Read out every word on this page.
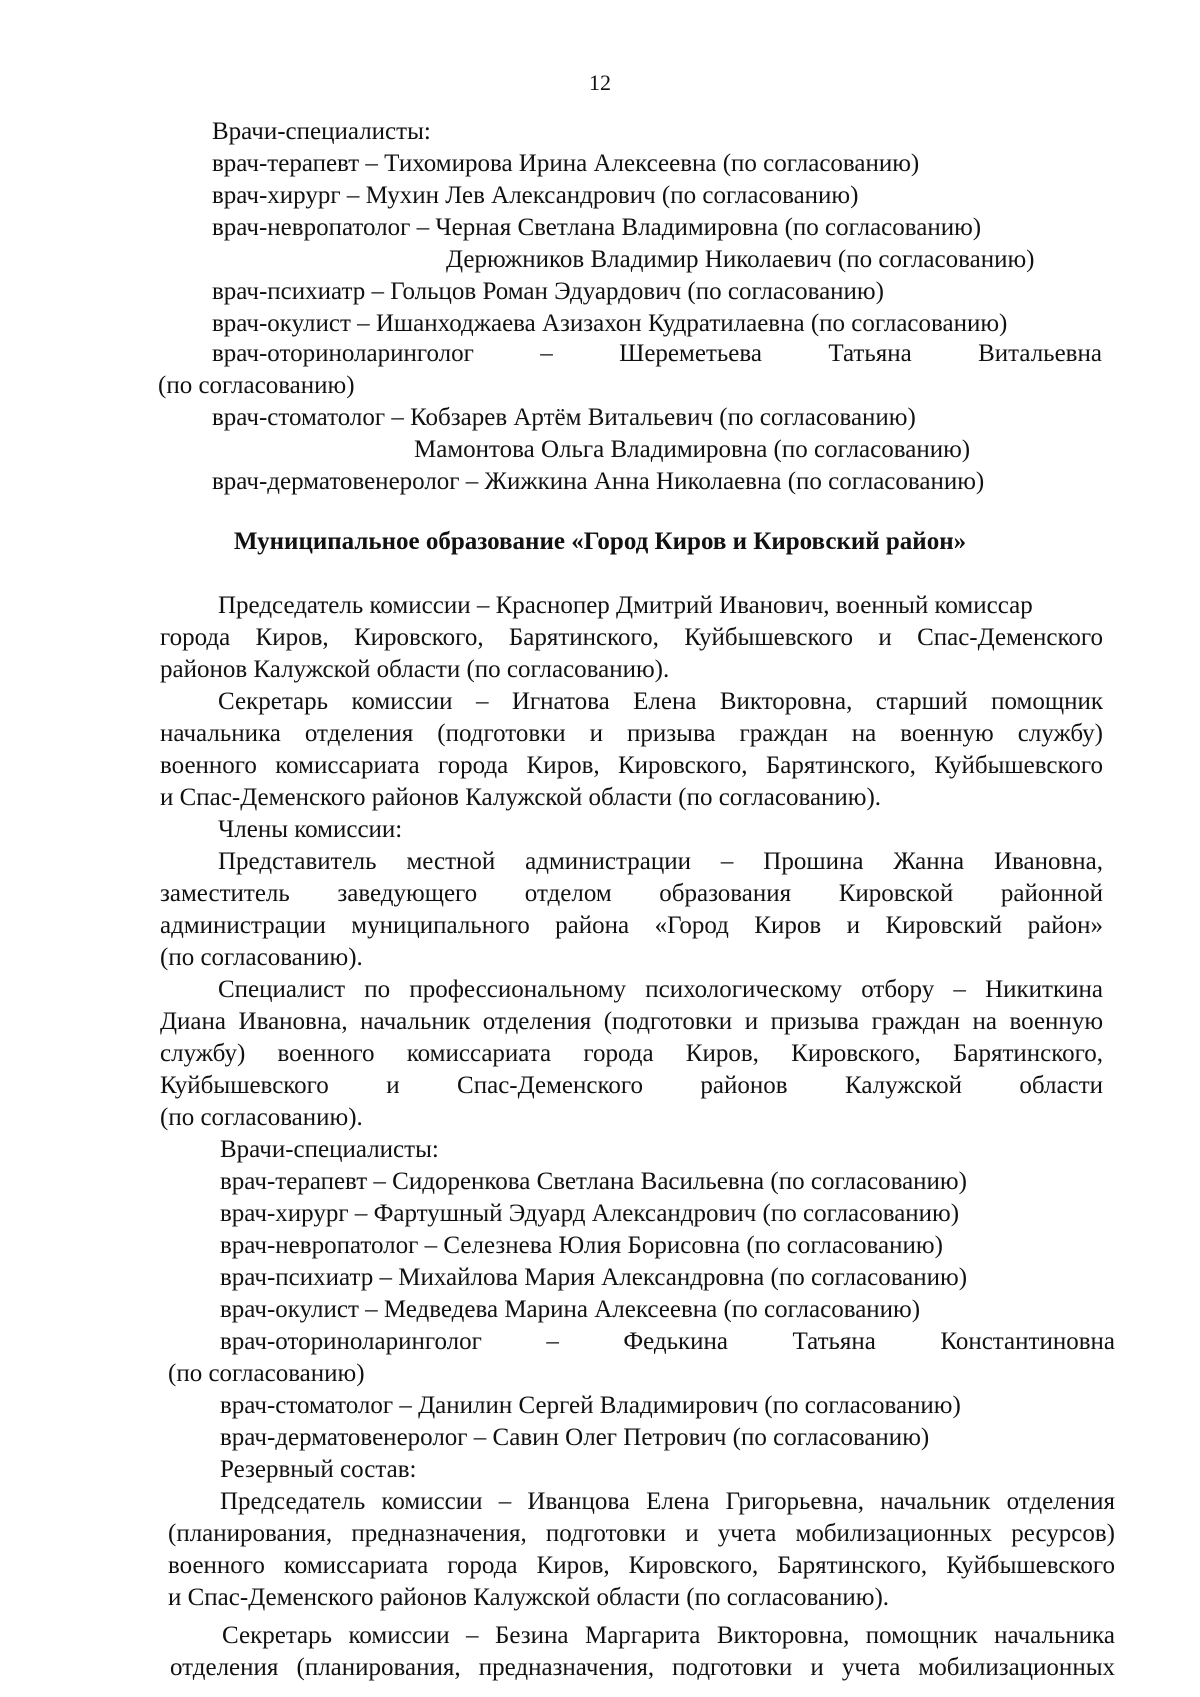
12
Врачи-специалисты:
врач-терапевт – Тихомирова Ирина Алексеевна (по согласованию)
врач-хирург – Мухин Лев Александрович (по согласованию)
врач-невропатолог – Черная Светлана Владимировна (по согласованию)
Дерюжников Владимир Николаевич (по согласованию)
врач-психиатр – Гольцов Роман Эдуардович (по согласованию)
врач-окулист – Ишанходжаева Азизахон Кудратилаевна (по согласованию)
врач-оториноларинголог	–	Шереметьева	Татьяна	Витальевна
(по согласованию)
врач-стоматолог – Кобзарев Артём Витальевич (по согласованию)
Мамонтова Ольга Владимировна (по согласованию)
врач-дерматовенеролог – Жижкина Анна Николаевна (по согласованию)
Муниципальное образование «Город Киров и Кировский район»
Председатель комиссии – Краснопер Дмитрий Иванович, военный комиссар
города Киров, Кировского, Барятинского, Куйбышевского и Спас-Деменского
районов Калужской области (по согласованию).
Секретарь комиссии – Игнатова Елена Викторовна, старший помощник
начальника отделения (подготовки и призыва граждан на военную службу)
военного комиссариата города Киров, Кировского, Барятинского, Куйбышевского
и Спас-Деменского районов Калужской области (по согласованию).
Члены комиссии:
Представитель местной администрации – Прошина Жанна Ивановна,
заместитель заведующего отделом образования Кировской районной
администрации муниципального района «Город Киров и Кировский район»
(по согласованию).
Специалист по профессиональному психологическому отбору – Никиткина
Диана Ивановна, начальник отделения (подготовки и призыва граждан на военную
службу) военного комиссариата города Киров, Кировского, Барятинского,
Куйбышевского и Спас-Деменского районов Калужской области
(по согласованию).
Врачи-специалисты:
врач-терапевт – Сидоренкова Светлана Васильевна (по согласованию)
врач-хирург – Фартушный Эдуард Александрович (по согласованию)
врач-невропатолог – Селезнева Юлия Борисовна (по согласованию)
врач-психиатр – Михайлова Мария Александровна (по согласованию)
врач-окулист – Медведева Марина Алексеевна (по согласованию)
врач-оториноларинголог	–	Федькина	Татьяна	Константиновна
(по согласованию)
врач-стоматолог – Данилин Сергей Владимирович (по согласованию)
врач-дерматовенеролог – Савин Олег Петрович (по согласованию)
Резервный состав:
Председатель комиссии – Иванцова Елена Григорьевна, начальник отделения
(планирования, предназначения, подготовки и учета мобилизационных ресурсов)
военного комиссариата города Киров, Кировского, Барятинского, Куйбышевского
и Спас-Деменского районов Калужской области (по согласованию).
Секретарь комиссии – Безина Маргарита Викторовна, помощник начальника
отделения (планирования, предназначения, подготовки и учета мобилизационных
